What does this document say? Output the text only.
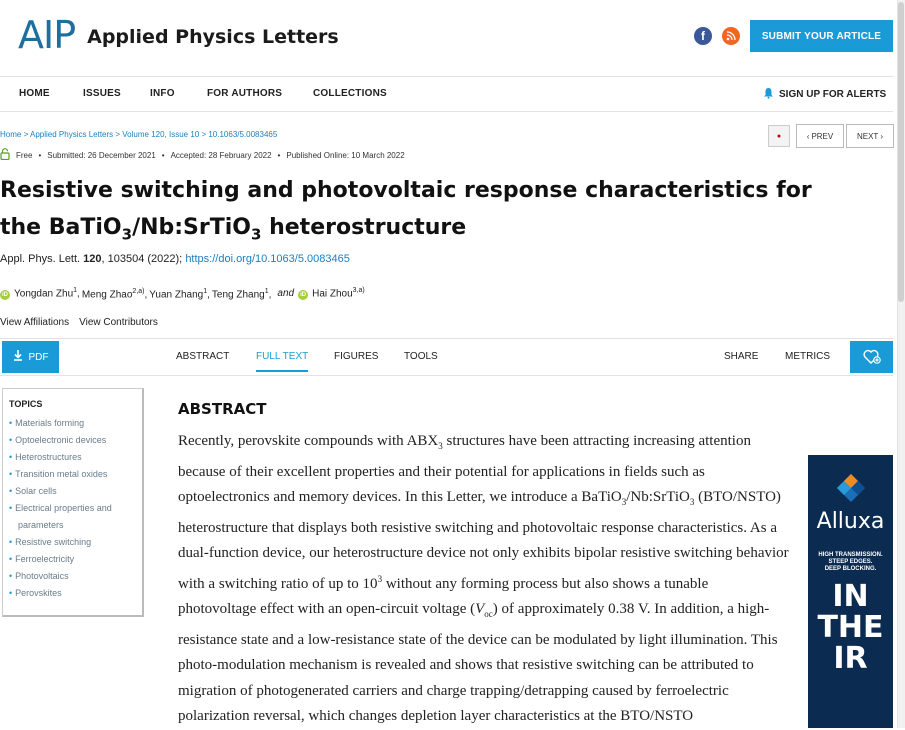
AIP Applied Physics Letters	f	SUBMIT YOUR ARTICLE
HOME	ISSUES	INFO	FOR AUTHORS	COLLECTIONS	SIGN UP FOR ALERTS
Home > Applied Physics Letters > Volume 120, Issue 10 > 10.1063/5.0083465	●	‹ PREV	NEXT ›
Free • Submitted: 26 December 2021 • Accepted: 28 February 2022 • Published Online: 10 March 2022
Resistive switching and photovoltaic response characteristics for the BaTiO$_3$/Nb:SrTiO$_3$ heterostructure
Appl. Phys. Lett. 120, 103504 (2022); https://doi.org/10.1063/5.0083465
iD Yongdan Zhu$^1$, Meng Zhao$^{2,a)}$, Yuan Zhang$^1$, Teng Zhang$^1$, and	iD Hai Zhou$^{3,a)}$
View Affiliations View Contributors
PDF	ABSTRACT	FULL TEXT	FIGURES	TOOLS	SHARE	METRICS
TOPICS
• Materials forming
• Optoelectronic devices
• Heterostructures
• Transition metal oxides
• Solar cells
• Electrical properties and
parameters
• Resistive switching
• Ferroelectricity
• Photovoltaics
• Perovskites
ABSTRACT
Recently, perovskite compounds with $ABX_3$ structures have been attracting increasing attention because of their excellent properties and their potential for applications in fields such as optoelectronics and memory devices. In this Letter, we introduce a BaTiO$_3$/Nb:SrTiO$_3$ (BTO/NSTO) heterostructure that displays both resistive switching and photovoltaic response characteristics. As a dual-function device, our heterostructure device not only exhibits bipolar resistive switching behavior with a switching ratio of up to $10^3$ without any forming process but also shows a tunable photovoltage effect with an open-circuit voltage $(V_{oc})$ of approximately 0.38 V. In addition, a high-resistance state and a low-resistance state of the device can be modulated by light illumination. This photo-modulation mechanism is revealed and shows that resistive switching can be attributed to migration of photogenerated carriers and charge trapping/detrapping caused by ferroelectric polarization reversal, which changes depletion layer characteristics at the BTO/NSTO
Alluxa
HIGH TRANSMISSION.
STEEP EDGES.
DEEP BLOCKING.
IN
THE
IR
